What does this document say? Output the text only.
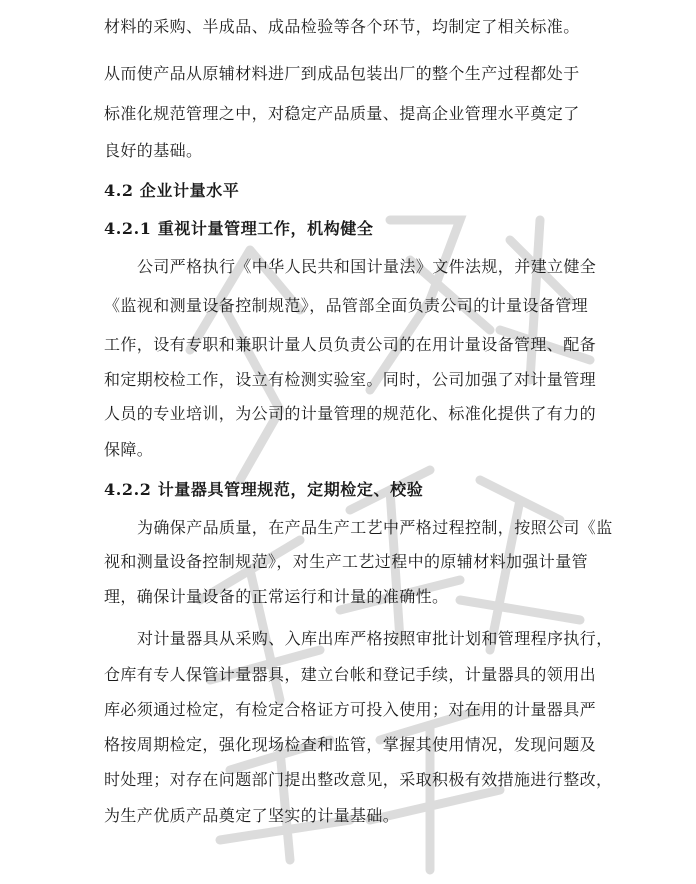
材料的采购、半成品、成品检验等各个环节，均制定了相关标准。
从而使产品从原辅材料进厂到成品包装出厂的整个生产过程都处于
标准化规范管理之中，对稳定产品质量、提高企业管理水平奠定了
良好的基础。
4.2 企业计量水平
4.2.1 重视计量管理工作，机构健全
公司严格执行《中华人民共和国计量法》文件法规，并建立健全
《监视和测量设备控制规范》，品管部全面负责公司的计量设备管理
工作，设有专职和兼职计量人员负责公司的在用计量设备管理、配备
和定期校检工作，设立有检测实验室。同时，公司加强了对计量管理
人员的专业培训，为公司的计量管理的规范化、标准化提供了有力的
保障。
4.2.2 计量器具管理规范，定期检定、校验
为确保产品质量，在产品生产工艺中严格过程控制，按照公司《监
视和测量设备控制规范》，对生产工艺过程中的原辅材料加强计量管
理，确保计量设备的正常运行和计量的准确性。
对计量器具从采购、入库出库严格按照审批计划和管理程序执行，
仓库有专人保管计量器具，建立台帐和登记手续，计量器具的领用出
库必须通过检定，有检定合格证方可投入使用；对在用的计量器具严
格按周期检定，强化现场检查和监管，掌握其使用情况，发现问题及
时处理；对存在问题部门提出整改意见，采取积极有效措施进行整改，
为生产优质产品奠定了坚实的计量基础。
